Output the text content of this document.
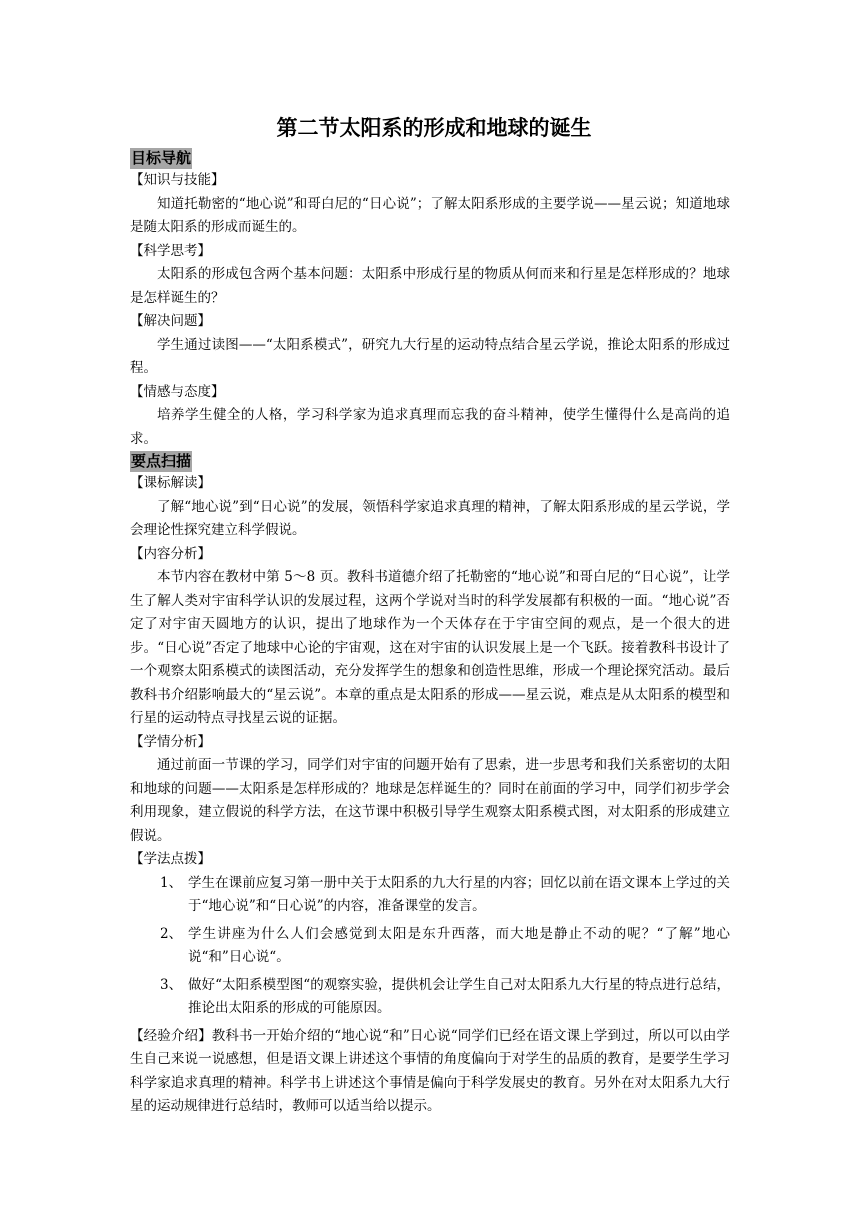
第二节太阳系的形成和地球的诞生
目标导航
【知识与技能】

知道托勒密的“地心说”和哥白尼的“日心说”；了解太阳系形成的主要学说——星云说；知道地球是随太阳系的形成而诞生的。

【科学思考】

太阳系的形成包含两个基本问题：太阳系中形成行星的物质从何而来和行星是怎样形成的？地球是怎样诞生的？

【解决问题】

学生通过读图——“太阳系模式”，研究九大行星的运动特点结合星云学说，推论太阳系的形成过程。

【情感与态度】

培养学生健全的人格，学习科学家为追求真理而忘我的奋斗精神，使学生懂得什么是高尚的追求。

要点扫描
【课标解读】

了解“地心说”到“日心说”的发展，领悟科学家追求真理的精神，了解太阳系形成的星云学说，学会理论性探究建立科学假说。

【内容分析】

本节内容在教材中第 5～8 页。教科书道德介绍了托勒密的“地心说”和哥白尼的“日心说”，让学生了解人类对宇宙科学认识的发展过程，这两个学说对当时的科学发展都有积极的一面。“地心说”否定了对宇宙天圆地方的认识，提出了地球作为一个天体存在于宇宙空间的观点，是一个很大的进步。“日心说”否定了地球中心论的宇宙观，这在对宇宙的认识发展上是一个飞跃。接着教科书设计了一个观察太阳系模式的读图活动，充分发挥学生的想象和创造性思维，形成一个理论探究活动。最后教科书介绍影响最大的“星云说”。本章的重点是太阳系的形成——星云说，难点是从太阳系的模型和行星的运动特点寻找星云说的证据。

【学情分析】

通过前面一节课的学习，同学们对宇宙的问题开始有了思索，进一步思考和我们关系密切的太阳和地球的问题——太阳系是怎样形成的？地球是怎样诞生的？同时在前面的学习中，同学们初步学会利用现象，建立假说的科学方法，在这节课中积极引导学生观察太阳系模式图，对太阳系的形成建立假说。

【学法点拨】
1、 学生在课前应复习第一册中关于太阳系的九大行星的内容；回忆以前在语文课本上学过的关于“地心说”和“日心说”的内容，准备课堂的发言。
2、 学生讲座为什么人们会感觉到太阳是东升西落，而大地是静止不动的呢？“了解”地心说“和”日心说“。
3、 做好“太阳系模型图“的观察实验，提供机会让学生自己对太阳系九大行星的特点进行总结，推论出太阳系的形成的可能原因。

【经验介绍】教科书一开始介绍的“地心说“和”日心说“同学们已经在语文课上学到过，所以可以由学生自己来说一说感想，但是语文课上讲述这个事情的角度偏向于对学生的品质的教育，是要学生学习科学家追求真理的精神。科学书上讲述这个事情是偏向于科学发展史的教育。另外在对太阳系九大行星的运动规律进行总结时，教师可以适当给以提示。
